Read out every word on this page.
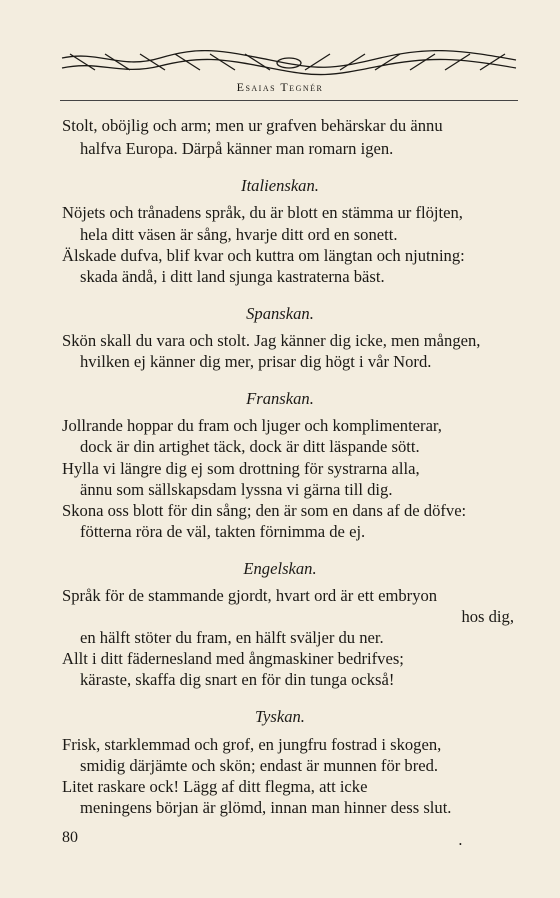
Esaias Tegnér
Stolt, oböjlig och arm; men ur grafven behärskar du ännu
halfva Europa. Därpå känner man romarn igen.
Italienskan.
Nöjets och trånadens språk, du är blott en stämma ur flöjten,
hela ditt väsen är sång, hvarje ditt ord en sonett.
Älskade dufva, blif kvar och kuttra om längtan och njutning:
skada ändå, i ditt land sjunga kastraterna bäst.
Spanskan.
Skön skall du vara och stolt. Jag känner dig icke, men mången,
hvilken ej känner dig mer, prisar dig högt i vår Nord.
Franskan.
Jollrande hoppar du fram och ljuger och komplimenterar,
dock är din artighet täck, dock är ditt läspande sött.
Hylla vi längre dig ej som drottning för systrarna alla,
ännu som sällskapsdam lyssna vi gärna till dig.
Skona oss blott för din sång; den är som en dans af de döfve:
fötterna röra de väl, takten förnimma de ej.
Engelskan.
Språk för de stammande gjordt, hvart ord är ett embryon
hos dig,
en hälft stöter du fram, en hälft sväljer du ner.
Allt i ditt fädernesland med ångmaskiner bedrifves;
käraste, skaffa dig snart en för din tunga också!
Tyskan.
Frisk, starklemmad och grof, en jungfru fostrad i skogen,
smidig därjämte och skön; endast är munnen för bred.
Litet raskare ock! Lägg af ditt flegma, att icke
meningens början är glömd, innan man hinner dess slut.
80	•
